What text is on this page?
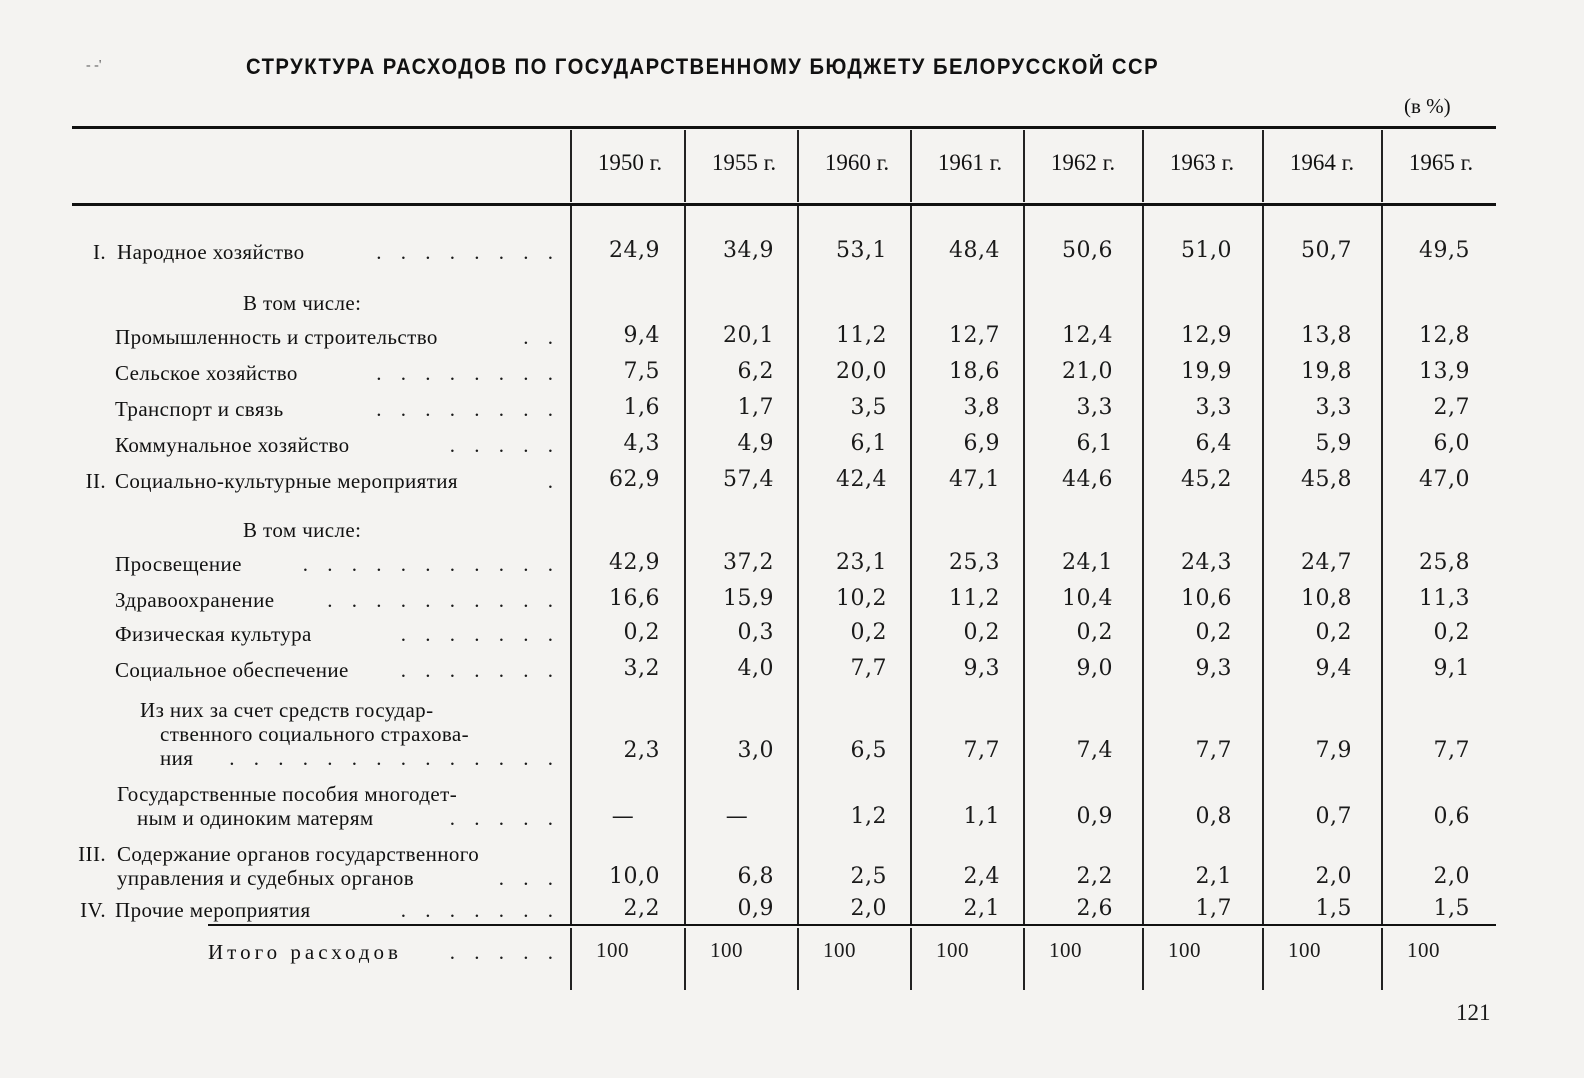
- -'	СТРУКТУРА РАСХОДОВ ПО ГОСУДАРСТВЕННОМУ БЮДЖЕТУ БЕЛОРУССКОЙ ССР
(в %)
1950 г.	1955 г.	1960 г.	1961 г.	1962 г.	1963 г.	1964 г.	1965 г.
I. Народное хозяйство	. . . . . . . .	24,9	34,9	53,1	48,4	50,6	51,0	50,7	49,5
В том числе:
Промышленность и строительство	. .	9,4	20,1	11,2	12,7	12,4	12,9	13,8	12,8
Сельское хозяйство	. . . . . . . .	7,5	6,2	20,0	18,6	21,0	19,9	19,8	13,9
Транспорт и связь	. . . . . . . .	1,6	1,7	3,5	3,8	3,3	3,3	3,3	2,7
Коммунальное хозяйство	. . . . .	4,3	4,9	6,1	6,9	6,1	6,4	5,9	6,0
II. Социально-культурные мероприятия	.	62,9	57,4	42,4	47,1	44,6	45,2	45,8	47,0
В том числе:
Просвещение	. . . . . . . . . . .	42,9	37,2	23,1	25,3	24,1	24,3	24,7	25,8
Здравоохранение	. . . . . . . . . .	16,6	15,9	10,2	11,2	10,4	10,6	10,8	11,3
Физическая культура	. . . . . . .	0,2	0,3	0,2	0,2	0,2	0,2	0,2	0,2
Социальное обеспечение . . . . . . .	3,2	4,0	7,7	9,3	9,0	9,3	9,4	9,1
Из них за счет средств государ-
ственного социального страхова-
ния . . . . . . . . . . . . . .	2,3	3,0	6,5	7,7	7,4	7,7	7,9	7,7
Государственные пособия многодет-
ным и одиноким матерям	. . . . .	—	—	1,2	1,1	0,9	0,8	0,7	0,6
III. Содержание органов государственного
управления и судебных органов	. . .	10,0	6,8	2,5	2,4	2,2	2,1	2,0	2,0
IV. Прочие мероприятия	. . . . . . .	2,2	0,9	2,0	2,1	2,6	1,7	1,5	1,5
Итого расходов . . . . . 100	100	100	100	100	100	100	100
121
